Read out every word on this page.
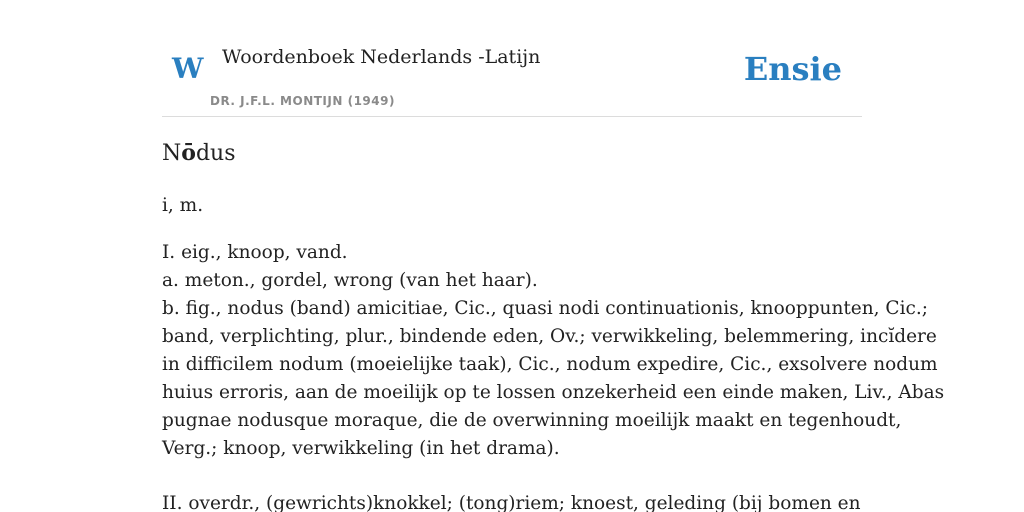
W Woordenboek Nederlands -Latijn
DR. J.F.L. MONTIJN (1949)
Ensie
Nōdus
i, m.
I. eig., knoop, vand.
a. meton., gordel, wrong (van het haar).
b. fig., nodus (band) amicitiae, Cic., quasi nodi continuationis, knooppunten, Cic.;
band, verplichting, plur., bindende eden, Ov.; verwikkeling, belemmering, incĭdere
in difficilem nodum (moeielijke taak), Cic., nodum expedire, Cic., exsolvere nodum
huius erroris, aan de moeilijk op te lossen onzekerheid een einde maken, Liv., Abas
pugnae nodusque moraque, die de overwinning moeilijk maakt en tegenhoudt,
Verg.; knoop, verwikkeling (in het drama).
II. overdr., (gewrichts)knokkel; (tong)riem; knoest, geleding (bij bomen en
